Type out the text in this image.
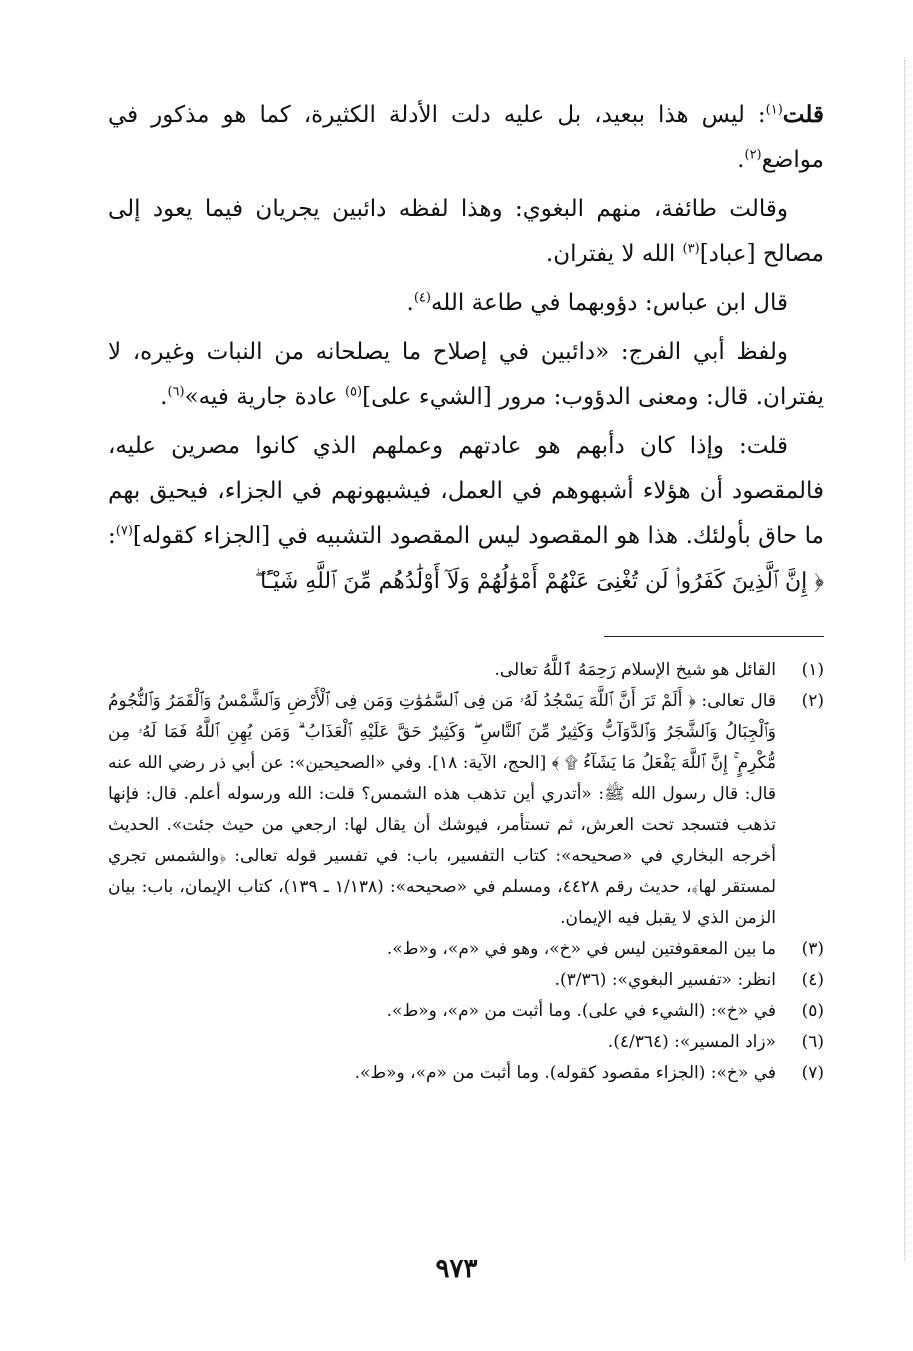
قلت$^{(١)}$: ليس هذا ببعيد، بل عليه دلت الأدلة الكثيرة، كما هو مذكور في مواضع$^{(٢)}$.

وقالت طائفة، منهم البغوي: وهذا لفظه دائبين يجريان فيما يعود إلى مصالح [عباد]$^{(٣)}$ الله لا يفتران.

قال ابن عباس: دؤوبهما في طاعة الله$^{(٤)}$.

ولفظ أبي الفرج: «دائبين في إصلاح ما يصلحانه من النبات وغيره، لا يفتران. قال: ومعنى الدؤوب: مرور [الشيء على]$^{(٥)}$ عادة جارية فيه»$^{(٦)}$.

قلت: وإذا كان دأبهم هو عادتهم وعملهم الذي كانوا مصرين عليه، فالمقصود أن هؤلاء أشبهوهم في العمل، فيشبهونهم في الجزاء، فيحيق بهم ما حاق بأولئك. هذا هو المقصود ليس المقصود التشبيه في [الجزاء كقوله]$^{(٧)}$: ﴿ إِنَّ ٱلَّذِينَ كَفَرُوا۟ لَن تُغْنِىَ عَنْهُمْ أَمْوَٰلُهُمْ وَلَآ أَوْلَٰدُهُم مِّنَ ٱللَّهِ شَيْـًٔا ۖ

(١)
القائل هو شيخ الإسلام رَحِمَهُ ٱللَّهُ تعالى.
(٢)
قال تعالى: ﴿ أَلَمْ تَرَ أَنَّ ٱللَّهَ يَسْجُدُ لَهُۥ مَن فِى ٱلسَّمَٰوَٰتِ وَمَن فِى ٱلْأَرْضِ وَٱلشَّمْسُ وَٱلْقَمَرُ وَٱلنُّجُومُ وَٱلْجِبَالُ وَٱلشَّجَرُ وَٱلدَّوَآبُّ وَكَثِيرٌ مِّنَ ٱلنَّاسِ ۖ وَكَثِيرٌ حَقَّ عَلَيْهِ ٱلْعَذَابُ ۗ وَمَن يُهِنِ ٱللَّهُ فَمَا لَهُۥ مِن مُّكْرِمٍ ۚ إِنَّ ٱللَّهَ يَفْعَلُ مَا يَشَآءُ ۩ ﴾ [الحج، الآية: ١٨]. وفي «الصحيحين»: عن أبي ذر رضي الله عنه قال: قال رسول الله ﷺ: «أتدري أين تذهب هذه الشمس؟ قلت: الله ورسوله أعلم. قال: فإنها تذهب فتسجد تحت العرش، ثم تستأمر، فيوشك أن يقال لها: ارجعي من حيث جئت». الحديث أخرجه البخاري في «صحيحه»: كتاب التفسير، باب: في تفسير قوله تعالى: ﴿والشمس تجري لمستقر لها﴾، حديث رقم ٤٤٢٨، ومسلم في «صحيحه»: (١/١٣٨ ـ ١٣٩)، كتاب الإيمان، باب: بيان الزمن الذي لا يقبل فيه الإيمان.
(٣)
ما بين المعقوفتين ليس في «خ»، وهو في «م»، و«ط».
(٤)
انظر: «تفسير البغوي»: (٣/٣٦).
(٥)
في «خ»: (الشيء في على). وما أثبت من «م»، و«ط».
(٦)
«زاد المسير»: (٤/٣٦٤).
(٧)
في «خ»: (الجزاء مقصود كقوله). وما أثبت من «م»، و«ط».
٩٧٣
